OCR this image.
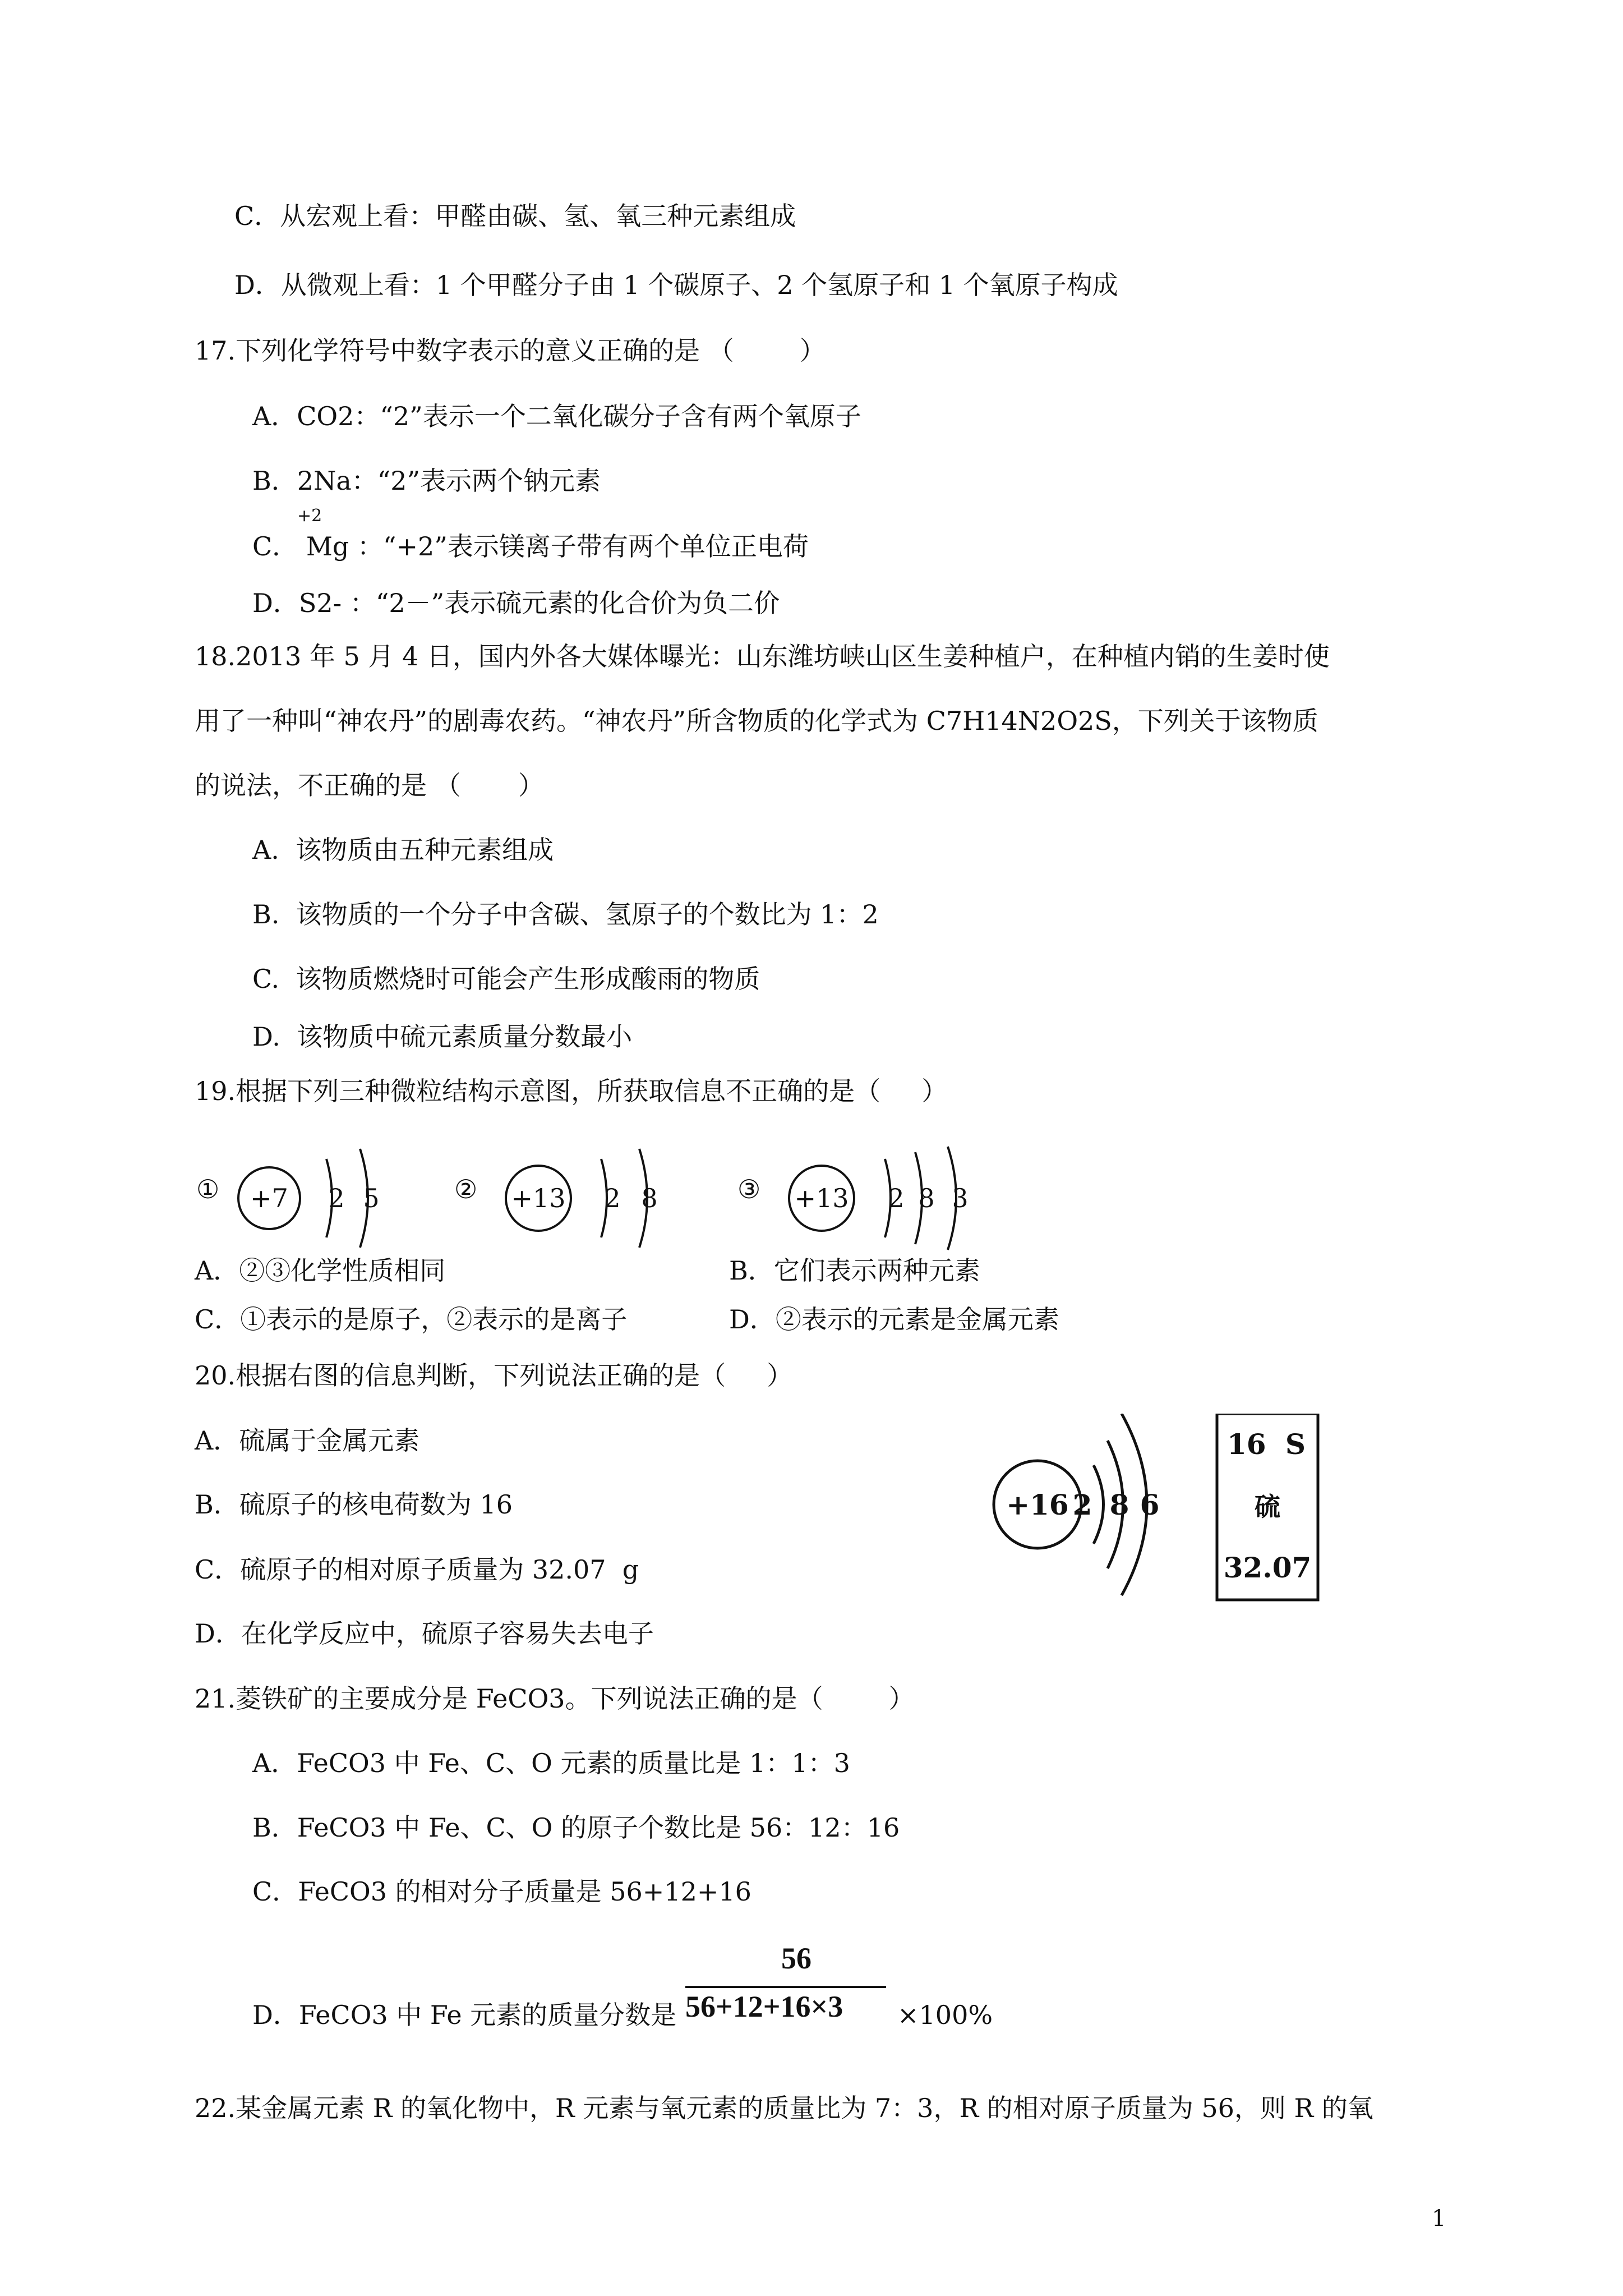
C．从宏观上看：甲醛由碳、氢、氧三种元素组成
D．从微观上看：1 个甲醛分子由 1 个碳原子、2 个氢原子和 1 个氧原子构成
17.下列化学符号中数字表示的意义正确的是 （        ）
A．CO2：“2”表示一个二氧化碳分子含有两个氧原子
B．2Na：“2”表示两个钠元素
C． Mg ：“+2”表示镁离子带有两个单位正电荷
+2
D．S2- ：“2－”表示硫元素的化合价为负二价
18.2013 年 5 月 4 日，国内外各大媒体曝光：山东潍坊峡山区生姜种植户，在种植内销的生姜时使
用了一种叫“神农丹”的剧毒农药。“神农丹”所含物质的化学式为 C7H14N2O2S，下列关于该物质
的说法，不正确的是 （       ）
A.  该物质由五种元素组成
B.  该物质的一个分子中含碳、氢原子的个数比为 1：2
C.  该物质燃烧时可能会产生形成酸雨的物质
D.  该物质中硫元素质量分数最小
19.根据下列三种微粒结构示意图，所获取信息不正确的是（     ）
① +7 2 5	② +13 2 8	③ +13 2 8 3
A．②③化学性质相同	B．它们表示两种元素
C．①表示的是原子，②表示的是离子	D．②表示的元素是金属元素
20.根据右图的信息判断，下列说法正确的是（     ）
A．硫属于金属元素
B．硫原子的核电荷数为 16
C．硫原子的相对原子质量为 32.07  g
D．在化学反应中，硫原子容易失去电子
+16 2 8 6
16 S
硫
32.07
21.菱铁矿的主要成分是 FeCO3。下列说法正确的是（        ）
A．FeCO3 中 Fe、C、O 元素的质量比是 1：1：3
B．FeCO3 中 Fe、C、O 的原子个数比是 56：12：16
C．FeCO3 的相对分子质量是 56+12+16
D．FeCO3 中 Fe 元素的质量分数是
56
56+12+16×3 ×100%
22.某金属元素 R 的氧化物中，R 元素与氧元素的质量比为 7：3，R 的相对原子质量为 56，则 R 的氧
1
